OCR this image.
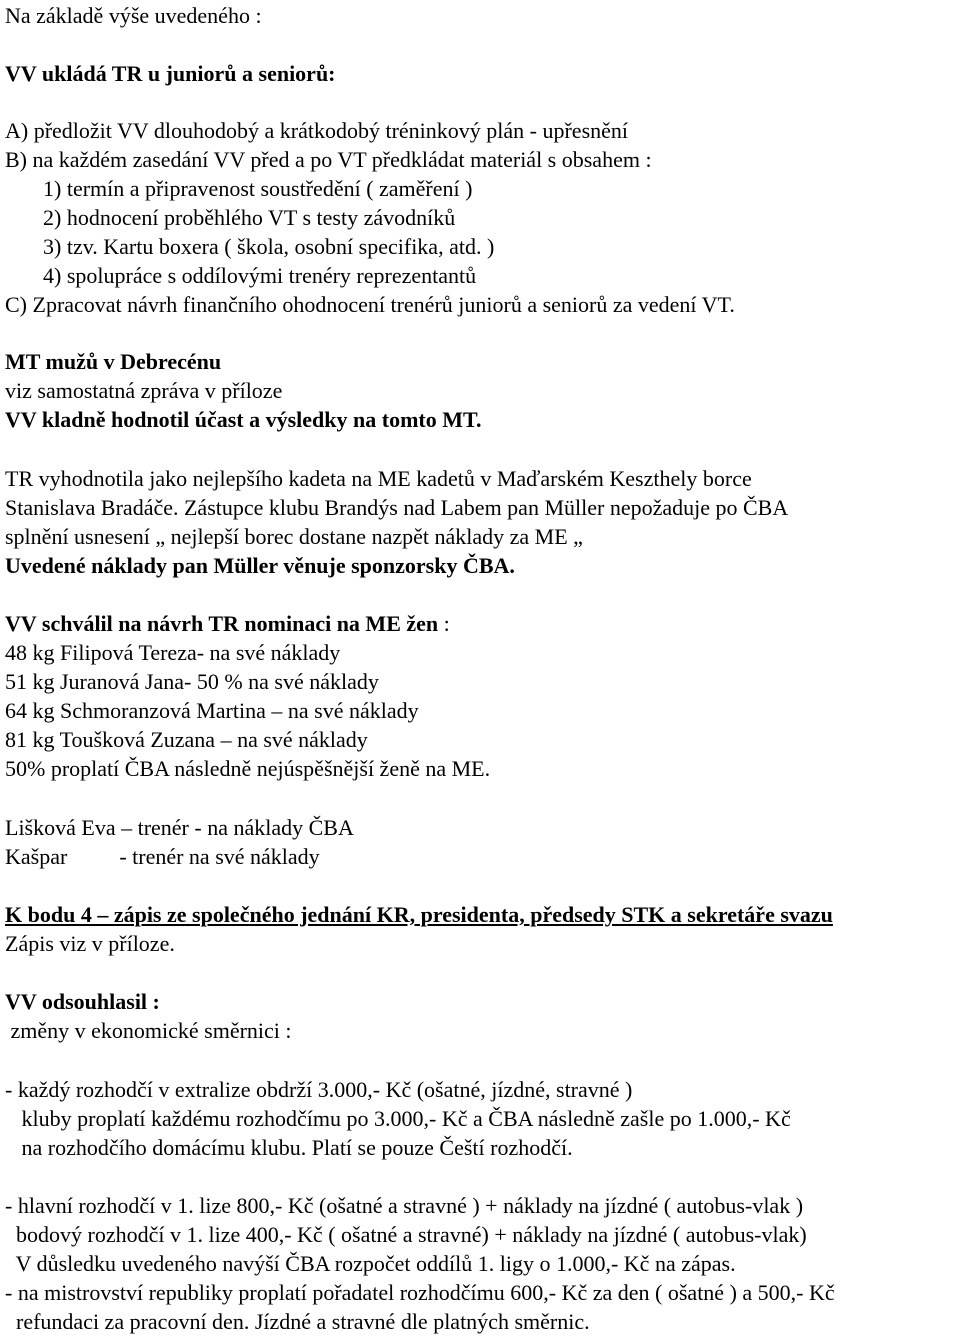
Na základě výše uvedeného :
VV ukládá TR u juniorů a seniorů:
A) předložit VV dlouhodobý a krátkodobý tréninkový plán - upřesnění
B) na každém zasedání VV před a po VT předkládat materiál s obsahem :
1) termín a připravenost soustředění ( zaměření )
2) hodnocení proběhlého VT s testy závodníků
3) tzv. Kartu boxera ( škola, osobní specifika, atd. )
4) spolupráce s oddílovými trenéry reprezentantů
C) Zpracovat návrh finančního ohodnocení trenérů juniorů a seniorů za vedení VT.
MT mužů v Debrecénu
viz samostatná zpráva v příloze
VV kladně hodnotil účast a výsledky na tomto MT.
TR vyhodnotila jako nejlepšího kadeta na ME kadetů v Maďarském Keszthely borce
Stanislava Bradáče. Zástupce klubu Brandýs nad Labem pan Müller nepožaduje po ČBA
splnění usnesení „ nejlepší borec dostane nazpět náklady za ME „
Uvedené náklady pan Müller věnuje sponzorsky ČBA.
VV schválil na návrh TR nominaci na ME žen :
48 kg Filipová Tereza- na své náklady
51 kg Juranová Jana- 50 % na své náklady
64 kg Schmoranzová Martina – na své náklady
81 kg Toušková Zuzana – na své náklady
50% proplatí ČBA následně nejúspěšnější ženě na ME.
Lišková Eva – trenér - na náklady ČBA
Kašpar - trenér na své náklady
K bodu 4 – zápis ze společného jednání KR, presidenta, předsedy STK a sekretáře svazu
Zápis viz v příloze.
VV odsouhlasil :
změny v ekonomické směrnici :
- každý rozhodčí v extralize obdrží 3.000,- Kč (ošatné, jízdné, stravné )
kluby proplatí každému rozhodčímu po 3.000,- Kč a ČBA následně zašle po 1.000,- Kč
na rozhodčího domácímu klubu. Platí se pouze Čeští rozhodčí.
- hlavní rozhodčí v 1. lize 800,- Kč (ošatné a stravné ) + náklady na jízdné ( autobus-vlak )
bodový rozhodčí v 1. lize 400,- Kč ( ošatné a stravné) + náklady na jízdné ( autobus-vlak)
V důsledku uvedeného navýší ČBA rozpočet oddílů 1. ligy o 1.000,- Kč na zápas.
- na mistrovství republiky proplatí pořadatel rozhodčímu 600,- Kč za den ( ošatné ) a 500,- Kč
refundaci za pracovní den. Jízdné a stravné dle platných směrnic.
